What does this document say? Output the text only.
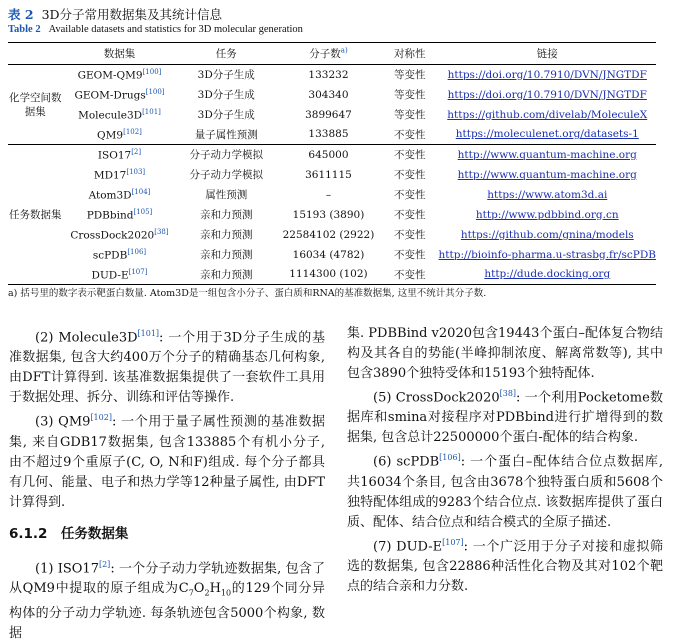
表 2 3D分子常用数据集及其统计信息
Table 2 Available datasets and statistics for 3D molecular generation
	数据集	任务	分子数$^{a)}$	对称性	链接
化学空间数据集	GEOM-QM9[100]	3D分子生成	133232	等变性	https://doi.org/10.7910/DVN/JNGTDF
	GEOM-Drugs[100]	3D分子生成	304340	等变性	https://doi.org/10.7910/DVN/JNGTDF
	Molecule3D[101]	3D分子生成	3899647	等变性	https://github.com/divelab/MoleculeX
	QM9[102]	量子属性预测	133885	不变性	https://moleculenet.org/datasets-1
任务数据集	ISO17[2]	分子动力学模拟	645000	不变性	http://www.quantum-machine.org
	MD17[103]	分子动力学模拟	3611115	不变性	http://www.quantum-machine.org
	Atom3D[104]	属性预测	–	不变性	https://www.atom3d.ai
	PDBbind[105]	亲和力预测	15193 (3890)	不变性	http://www.pdbbind.org.cn
	CrossDock2020[38]	亲和力预测	22584102 (2922)	不变性	https://github.com/gnina/models
	scPDB[106]	亲和力预测	16034 (4782)	不变性	http://bioinfo-pharma.u-strasbg.fr/scPDB
	DUD-E[107]	亲和力预测	1114300 (102)	不变性	http://dude.docking.org
a) 括号里的数字表示靶蛋白数量. Atom3D是一组包含小分子、蛋白质和RNA的基准数据集, 这里不统计其分子数.

(2) Molecule3D[101]: 一个用于3D分子生成的基准数据集, 包含大约400万个分子的精确基态几何构象, 由DFT计算得到. 该基准数据集提供了一套软件工具用于数据处理、拆分、训练和评估等操作.

(3) QM9[102]: 一个用于量子属性预测的基准数据集, 来自GDB17数据集, 包含133885个有机小分子, 由不超过9个重原子(C, O, N和F)组成. 每个分子都具有几何、能量、电子和热力学等12种量子属性, 由DFT计算得到.

6.1.2　任务数据集

(1) ISO17[2]: 一个分子动力学轨迹数据集, 包含了从QM9中提取的原子组成为$C_7O_2H_{10}$的129个同分异构体的分子动力学轨迹. 每条轨迹包含5000个构象, 数据

集. PDBBind v2020包含19443个蛋白–配体复合物结构及其各自的势能(半峰抑制浓度、解离常数等), 其中包含3890个独特受体和15193个独特配体.

(5) CrossDock2020[38]: 一个利用Pocketome数据库和smina对接程序对PDBbind进行扩增得到的数据集, 包含总计22500000个蛋白-配体的结合构象.

(6) scPDB[106]: 一个蛋白–配体结合位点数据库, 共16034个条目, 包含由3678个独特蛋白质和5608个独特配体组成的9283个结合位点. 该数据库提供了蛋白质、配体、结合位点和结合模式的全原子描述.

(7) DUD-E[107]: 一个广泛用于分子对接和虚拟筛选的数据集, 包含22886种活性化合物及其对102个靶点的结合亲和力分数.
